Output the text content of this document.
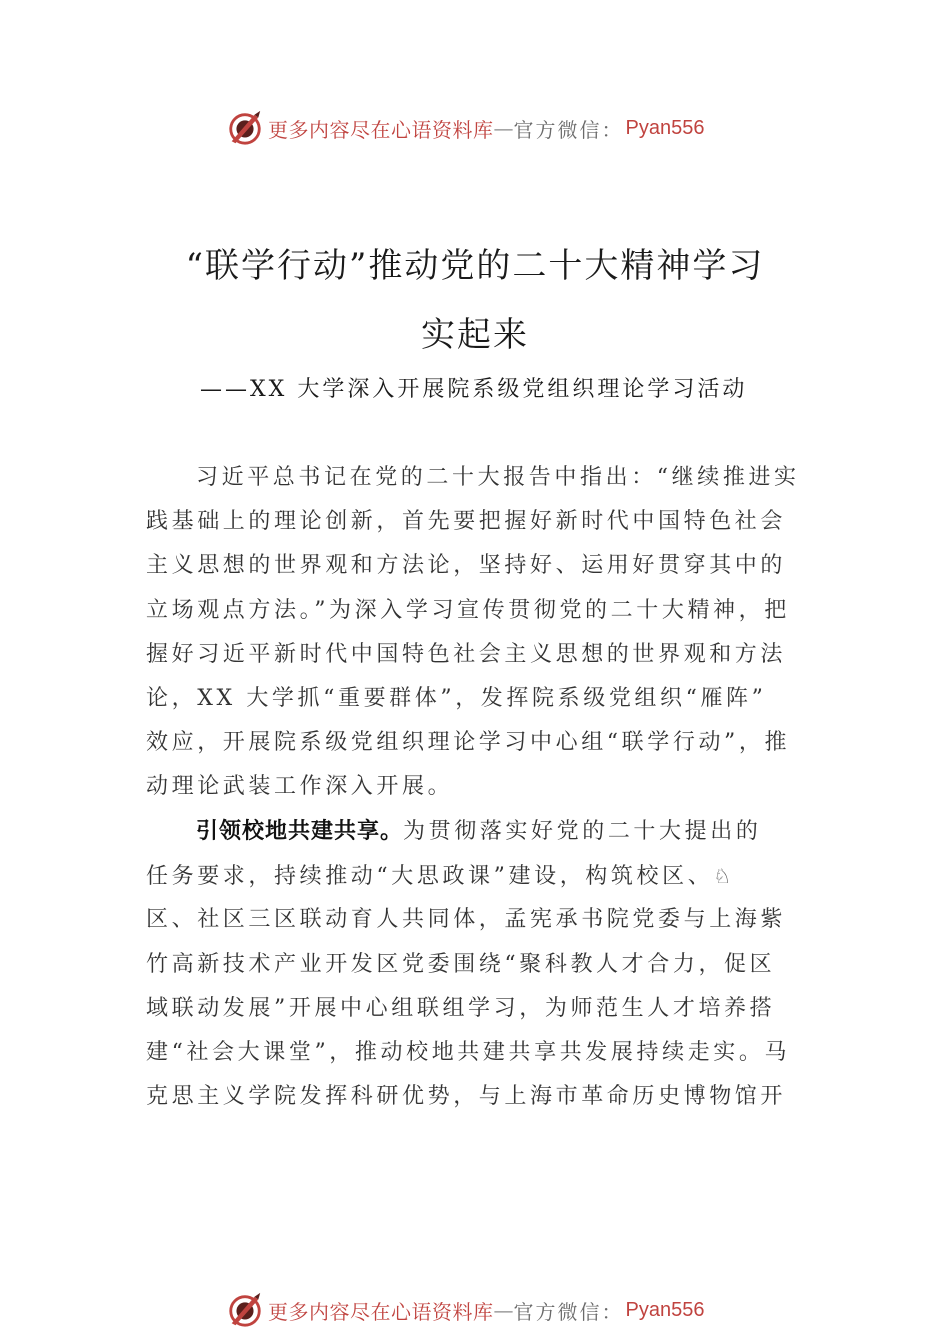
更多内容尽在心语资料库 — 官方微信： Pyan556
“联学行动”推动党的二十大精神学习
实起来
——XX 大学深入开展院系级党组织理论学习活动
习近平总书记在党的二十大报告中指出：“继续推进实
践基础上的理论创新，首先要把握好新时代中国特色社会
主义思想的世界观和方法论，坚持好、运用好贯穿其中的
立场观点方法。”为深入学习宣传贯彻党的二十大精神，把
握好习近平新时代中国特色社会主义思想的世界观和方法
论，XX 大学抓“重要群体”，发挥院系级党组织“雁阵”
效应，开展院系级党组织理论学习中心组“联学行动”，推
动理论武装工作深入开展。
引领校地共建共享。为贯彻落实好党的二十大提出的
任务要求，持续推动“大思政课”建设，构筑校区、♘
区、社区三区联动育人共同体，孟宪承书院党委与上海紫
竹高新技术产业开发区党委围绕“聚科教人才合力，促区
域联动发展”开展中心组联组学习，为师范生人才培养搭
建“社会大课堂”，推动校地共建共享共发展持续走实。马
克思主义学院发挥科研优势，与上海市革命历史博物馆开
更多内容尽在心语资料库 — 官方微信： Pyan556
